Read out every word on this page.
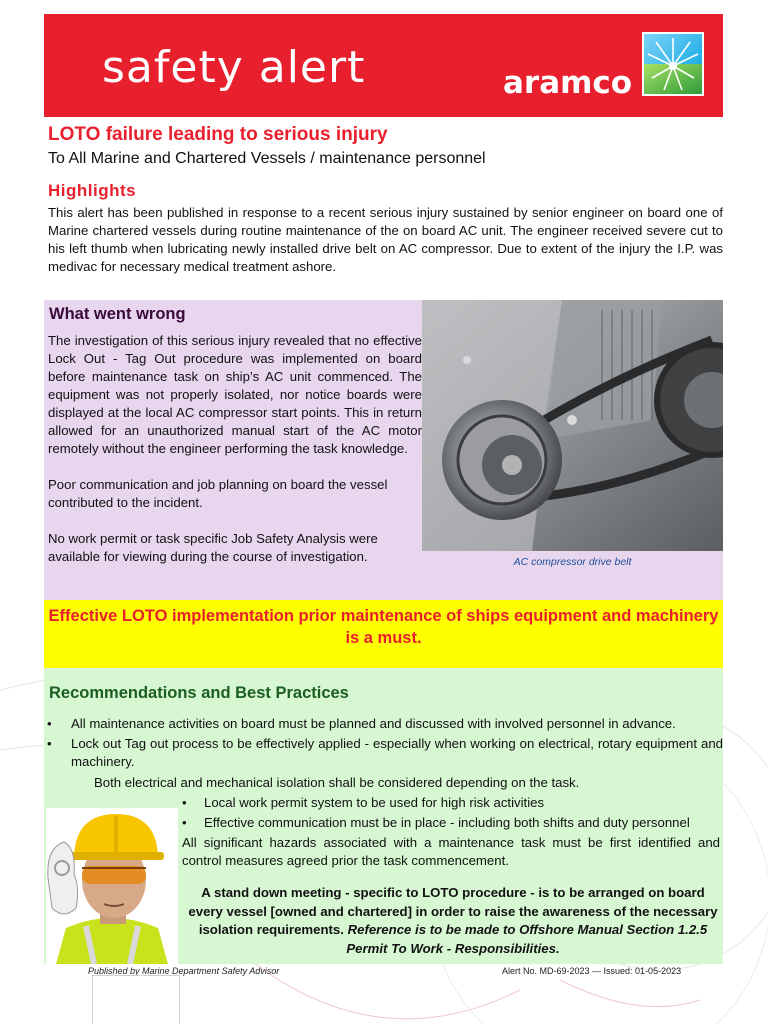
safety alert	aramco
LOTO failure leading to serious injury
To All Marine and Chartered Vessels / maintenance personnel
Highlights
This alert has been published in response to a recent serious injury sustained by senior engineer on board one of Marine chartered vessels during routine maintenance of the on board AC unit. The engineer received severe cut to his left thumb when lubricating newly installed drive belt on AC compressor. Due to extent of the injury the I.P. was medivac for necessary medical treatment ashore.
What went wrong

The investigation of this serious injury revealed that no effective Lock Out - Tag Out procedure was implemented on board before maintenance task on ship’s AC unit commenced. The equipment was not properly isolated, nor notice boards were displayed at the local AC compressor start points. This in return allowed for an unauthorized manual start of the AC motor remotely without the engineer performing the task knowledge.

Poor communication and job planning on board the vessel contributed to the incident.

No work permit or task specific Job Safety Analysis were available for viewing during the course of investigation.	AC compressor drive belt
Effective LOTO implementation prior maintenance of ships equipment and machinery is a must.
Recommendations and Best Practices
• All maintenance activities on board must be planned and discussed with involved personnel in advance.
• Lock out Tag out process to be effectively applied - especially when working on electrical, rotary equipment and machinery.
Both electrical and mechanical isolation shall be considered depending on the task.
• Local work permit system to be used for high risk activities
• Effective communication must be in place - including both shifts and duty personnel
All significant hazards associated with a maintenance task must be first identified and control measures agreed prior the task commencement.
A stand down meeting - specific to LOTO procedure - is to be arranged on board every vessel [owned and chartered] in order to raise the awareness of the necessary isolation requirements. Reference is to be made to Offshore Manual Section 1.2.5 Permit To Work - Responsibilities.
Published by Marine Department Safety Advisor	Alert No. MD-69-2023 — Issued: 01-05-2023
